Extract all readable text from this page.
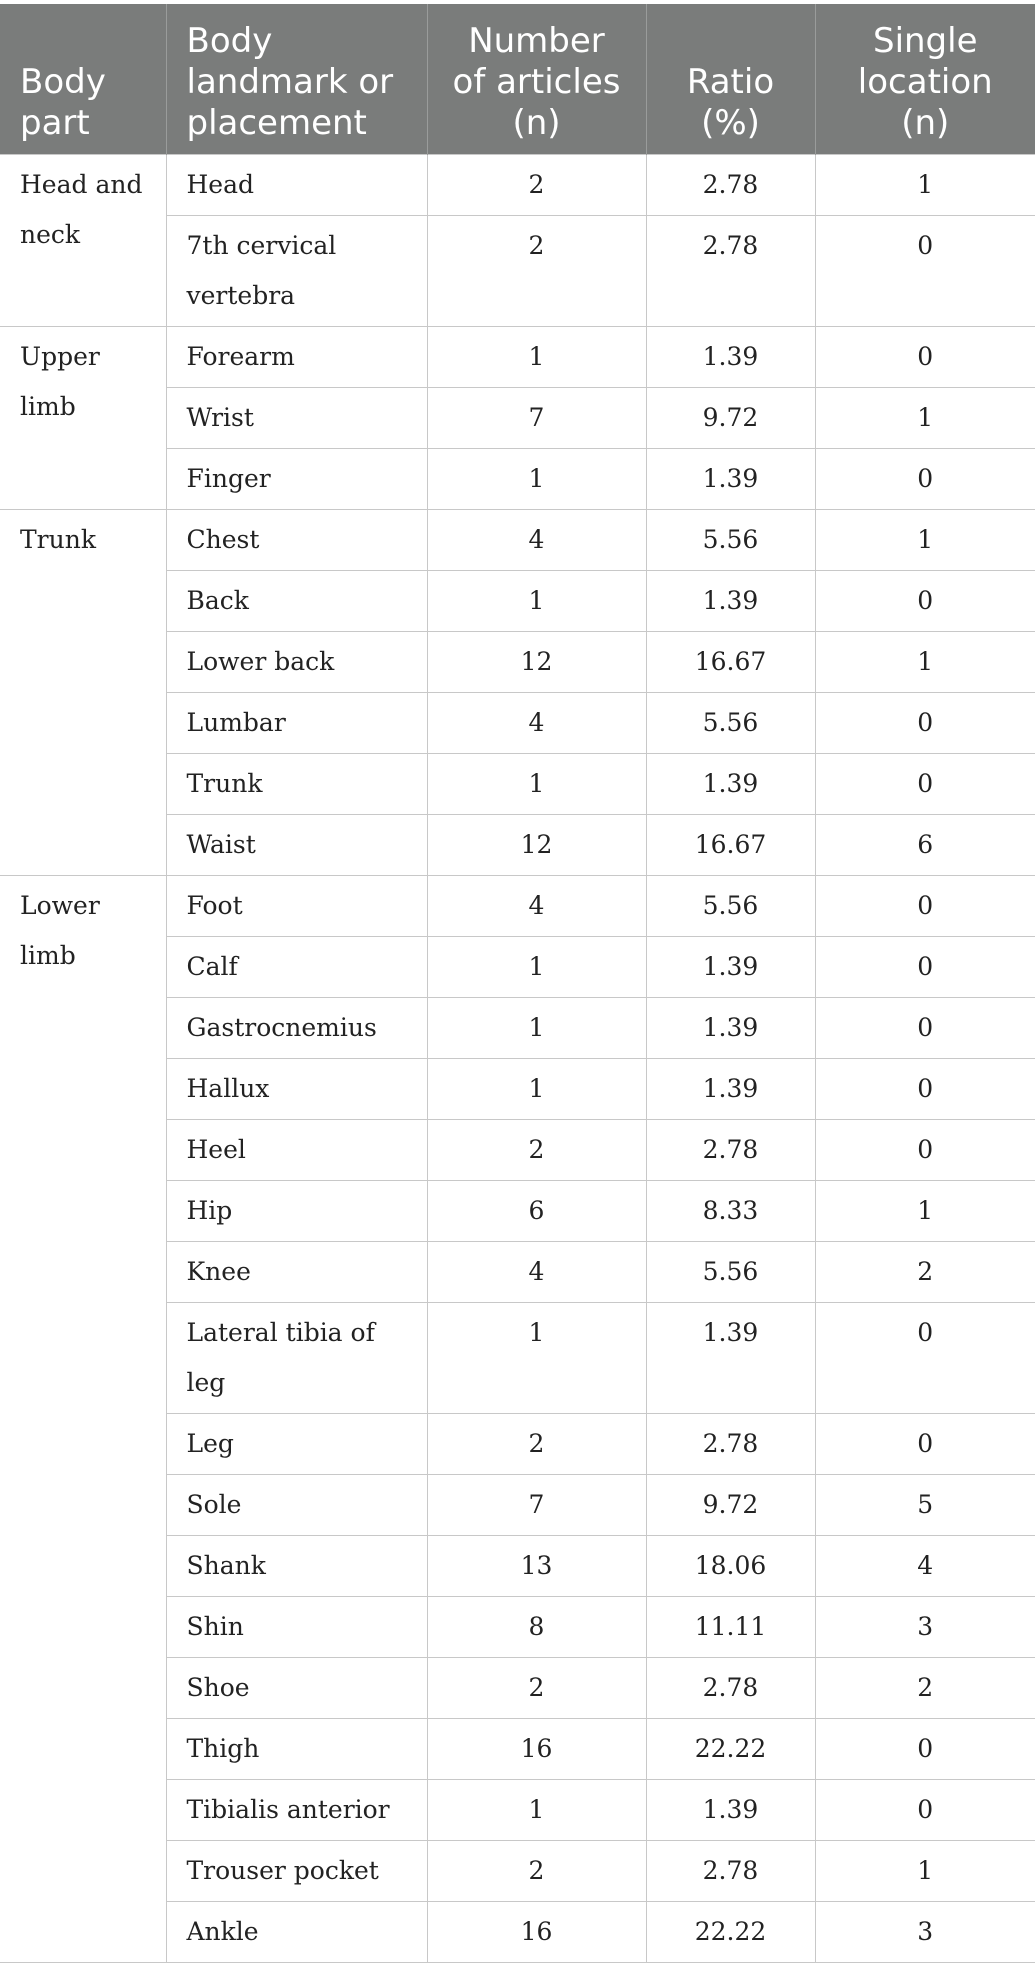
Body part	Body landmark or placement	Number of articles (n)	Ratio (%)	Single location (n)
Head and neck	Head	2	2.78	1
	7th cervical vertebra	2	2.78	0
Upper limb	Forearm	1	1.39	0
	Wrist	7	9.72	1
	Finger	1	1.39	0
Trunk	Chest	4	5.56	1
	Back	1	1.39	0
	Lower back	12	16.67	1
	Lumbar	4	5.56	0
	Trunk	1	1.39	0
	Waist	12	16.67	6
Lower limb	Foot	4	5.56	0
	Calf	1	1.39	0
	Gastrocnemius	1	1.39	0
	Hallux	1	1.39	0
	Heel	2	2.78	0
	Hip	6	8.33	1
	Knee	4	5.56	2
	Lateral tibia of leg	1	1.39	0
	Leg	2	2.78	0
	Sole	7	9.72	5
	Shank	13	18.06	4
	Shin	8	11.11	3
	Shoe	2	2.78	2
	Thigh	16	22.22	0
	Tibialis anterior	1	1.39	0
	Trouser pocket	2	2.78	1
	Ankle	16	22.22	3
